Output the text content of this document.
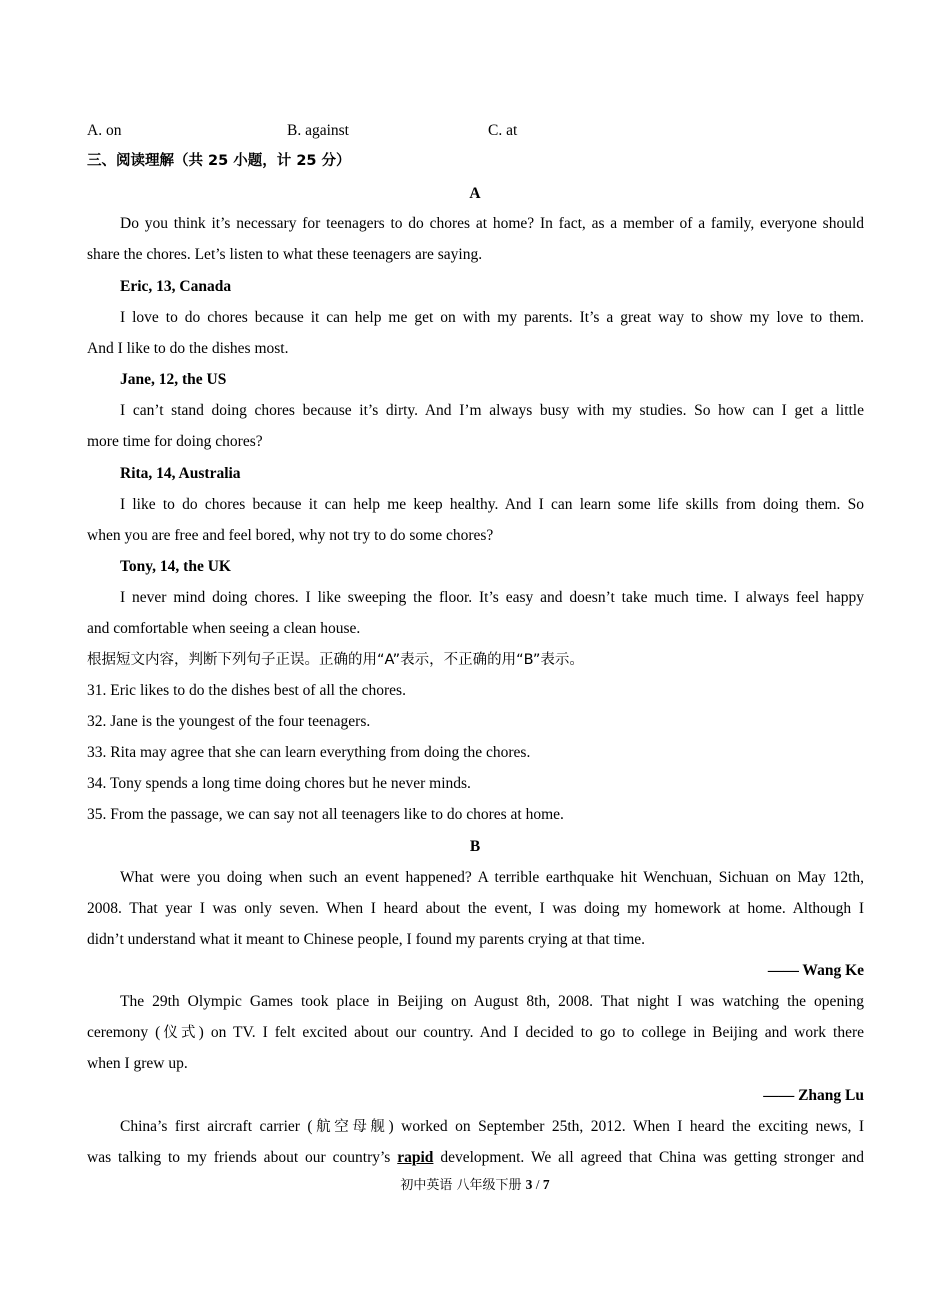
A. on	B. against	C. at
三、阅读理解（共 25 小题，计 25 分）
A
Do you think it’s necessary for teenagers to do chores at home? In fact, as a member of a family, everyone should
share the chores. Let’s listen to what these teenagers are saying.
Eric, 13, Canada
I love to do chores because it can help me get on with my parents. It’s a great way to show my love to them.
And I like to do the dishes most.
Jane, 12, the US
I can’t stand doing chores because it’s dirty. And I’m always busy with my studies. So how can I get a little
more time for doing chores?
Rita, 14, Australia
I like to do chores because it can help me keep healthy. And I can learn some life skills from doing them. So
when you are free and feel bored, why not try to do some chores?
Tony, 14, the UK
I never mind doing chores. I like sweeping the floor. It’s easy and doesn’t take much time. I always feel happy
and comfortable when seeing a clean house.
根据短文内容，判断下列句子正误。正确的用“A”表示，不正确的用“B”表示。
31. Eric likes to do the dishes best of all the chores.
32. Jane is the youngest of the four teenagers.
33. Rita may agree that she can learn everything from doing the chores.
34. Tony spends a long time doing chores but he never minds.
35. From the passage, we can say not all teenagers like to do chores at home.
B
What were you doing when such an event happened? A terrible earthquake hit Wenchuan, Sichuan on May 12th,
2008. That year I was only seven. When I heard about the event, I was doing my homework at home. Although I
didn’t understand what it meant to Chinese people, I found my parents crying at that time.
—— Wang Ke
The 29th Olympic Games took place in Beijing on August 8th, 2008. That night I was watching the opening
ceremony (仪式) on TV. I felt excited about our country. And I decided to go to college in Beijing and work there
when I grew up.
—— Zhang Lu
China’s first aircraft carrier (航空母舰) worked on September 25th, 2012. When I heard the exciting news, I
was talking to my friends about our country’s rapid development. We all agreed that China was getting stronger and
初中英语 八年级下册 3 / 7
